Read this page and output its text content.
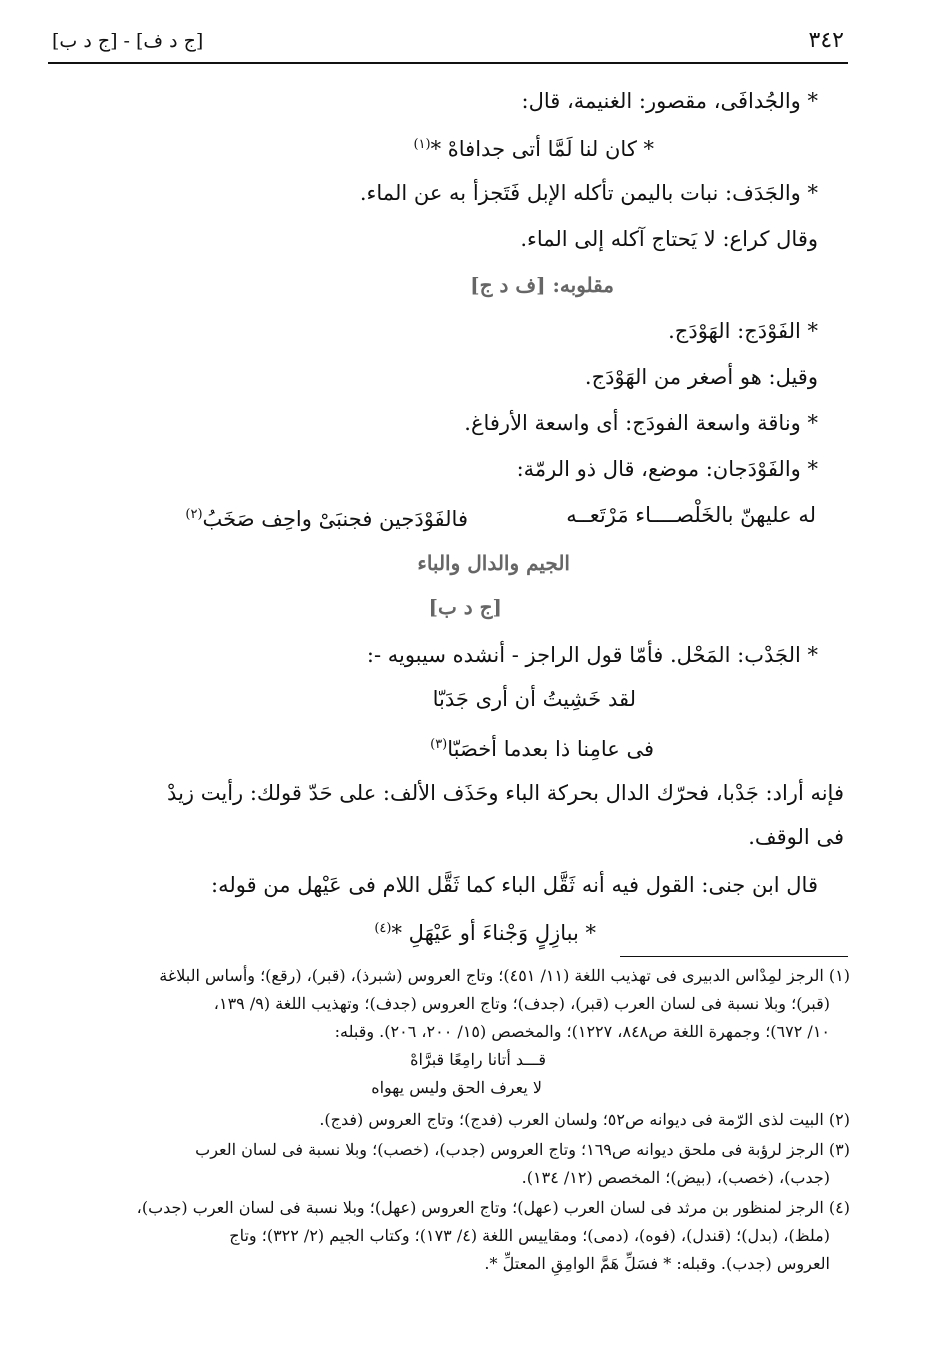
٣٤٢
[ج د ف] - [ج د ب]
* والجُدافَى، مقصور: الغنيمة، قال:
* كان لنا لَمَّا أتى جدافاهْ *$^{(١)}$
* والجَدَف: نبات باليمن تأكله الإبل فَتَجزأ به عن الماء.
وقال كراع: لا يَحتاج آكله إلى الماء.
مقلوبه: [ف د ج]
* الفَوْدَج: الهَوْدَج.
وقيل: هو أصغر من الهَوْدَج.
* وناقة واسعة الفودَج: أى واسعة الأرفاغ.
* والفَوْدَجان: موضع، قال ذو الرمّة:
له عليهنّ بالخَلْصــــاء مَرْتَعــه
فالفَوْدَجين فجنبَىْ واحِف صَخَبُ$^{(٢)}$
الجيم والدال والباء
[ج د ب]
* الجَدْب: المَحْل. فأمّا قول الراجز - أنشده سيبويه -:
لقد خَشِيتُ أن أرى جَدَبّا
فى عامِنا ذا بعدما أخصَبّا$^{(٣)}$
فإنه أراد: جَدْبا، فحرّك الدال بحركة الباء وحَذَف الألف: على حَدّ قولك: رأيت زيدْ
فى الوقف.
قال ابن جنى: القول فيه أنه ثَقَّل الباء كما ثَقَّل اللام فى عَيْهل من قوله:
* ببازِلٍ وَجْناءَ أو عَيْهَلِ *$^{(٤)}$
(١) الرجز لمِدْاس الدبيرى فى تهذيب اللغة (١١/ ٤٥١)؛ وتاج العروس (شبرذ)، (قبر)، (رقع)؛ وأساس البلاغة
(قبر)؛ وبلا نسبة فى لسان العرب (قبر)، (جدف)؛ وتاج العروس (جدف)؛ وتهذيب اللغة (٩/ ١٣٩،
١٠/ ٦٧٢)؛ وجمهرة اللغة ص٨٤٨، ١٢٢٧)؛ والمخصص (١٥/ ٢٠٠، ٢٠٦). وقبله:
قـــد أتانا رامِعًا قبرَّاهْ
لا يعرف الحق وليس يهواه
(٢) البيت لذى الرّمة فى ديوانه ص٥٢؛ ولسان العرب (فدج)؛ وتاج العروس (فدج).
(٣) الرجز لرؤبة فى ملحق ديوانه ص١٦٩؛ وتاج العروس (جدب)، (خصب)؛ وبلا نسبة فى لسان العرب
(جدب)، (خصب)، (بيض)؛ المخصص (١٢/ ١٣٤).
(٤) الرجز لمنظور بن مرثد فى لسان العرب (عهل)؛ وتاج العروس (عهل)؛ وبلا نسبة فى لسان العرب (جدب)،
(ملظ)، (بدل)؛ (قندل)، (فوه)، (دمى)؛ ومقاييس اللغة (٤/ ١٧٣)؛ وكتاب الجيم (٢/ ٣٢٢)؛ وتاج
العروس (جدب). وقبله: * فسَلِّ هَمَّ الوامِقِ المعتلِّ *.
